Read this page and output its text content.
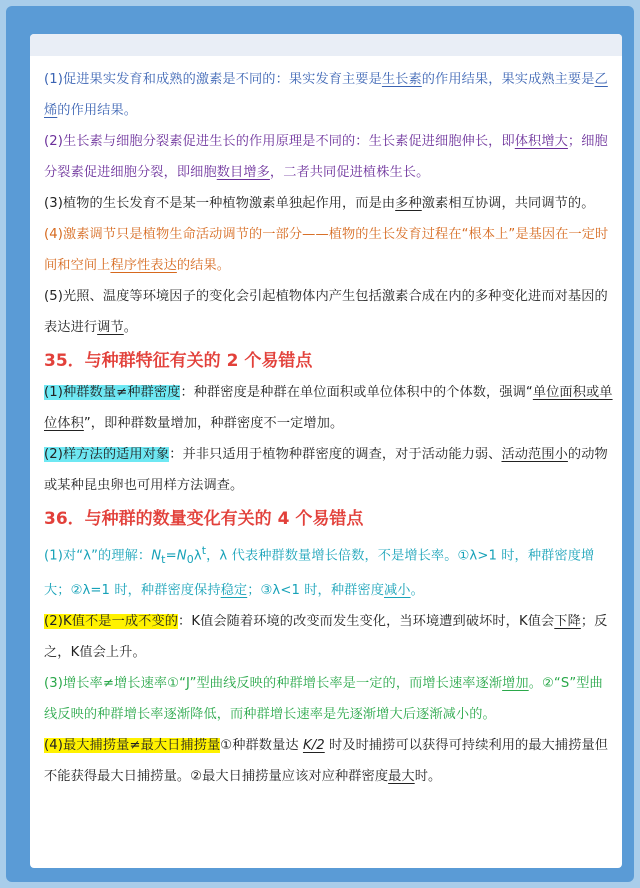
(1)促进果实发育和成熟的激素是不同的：果实发育主要是生长素的作用结果，果实成熟主要是乙烯的作用结果。

(2)生长素与细胞分裂素促进生长的作用原理是不同的：生长素促进细胞伸长，即体积增大；细胞分裂素促进细胞分裂，即细胞数目增多，二者共同促进植株生长。

(3)植物的生长发育不是某一种植物激素单独起作用，而是由多种激素相互协调，共同调节的。

(4)激素调节只是植物生命活动调节的一部分——植物的生长发育过程在“根本上”是基因在一定时间和空间上程序性表达的结果。

(5)光照、温度等环境因子的变化会引起植物体内产生包括激素合成在内的多种变化进而对基因的表达进行调节。

35．与种群特征有关的 2 个易错点

(1)种群数量≠种群密度：种群密度是种群在单位面积或单位体积中的个体数，强调“单位面积或单位体积”，即种群数量增加，种群密度不一定增加。

(2)样方法的适用对象：并非只适用于植物种群密度的调查，对于活动能力弱、活动范围小的动物或某种昆虫卵也可用样方法调查。

36．与种群的数量变化有关的 4 个易错点

(1)对“λ”的理解：$N_t=N_0\lambda^t$，λ 代表种群数量增长倍数，不是增长率。①λ>1 时，种群密度增大；②λ=1 时，种群密度保持稳定；③λ<1 时，种群密度减小。

(2)K值不是一成不变的：K值会随着环境的改变而发生变化，当环境遭到破坏时，K值会下降；反之，K值会上升。

(3)增长率≠增长速率①“J”型曲线反映的种群增长率是一定的，而增长速率逐渐增加。②“S”型曲线反映的种群增长率逐渐降低，而种群增长速率是先逐渐增大后逐渐减小的。

(4)最大捕捞量≠最大日捕捞量①种群数量达 K/2 时及时捕捞可以获得可持续利用的最大捕捞量但不能获得最大日捕捞量。②最大日捕捞量应该对应种群密度最大时。
